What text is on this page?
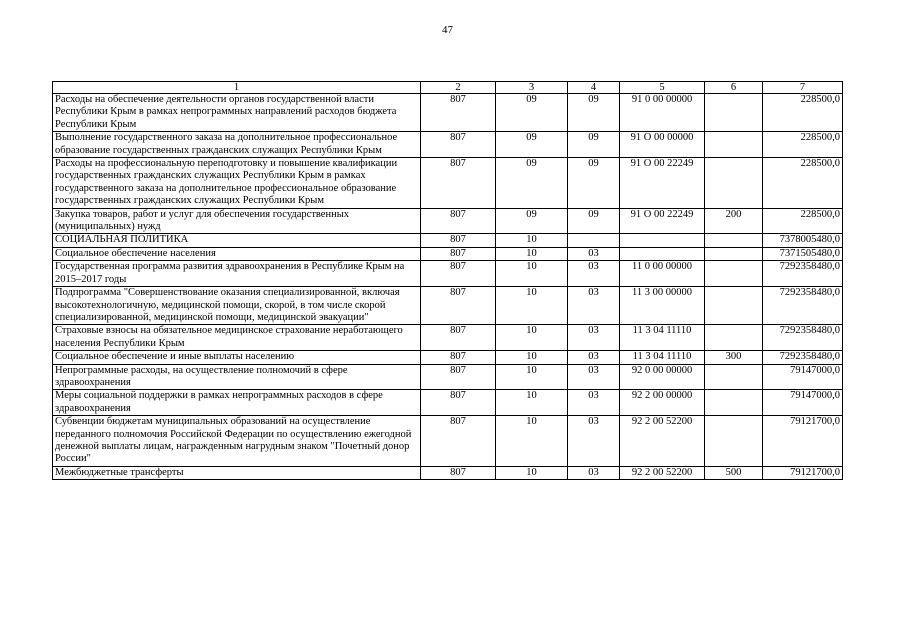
47
1	2	3	4	5	6	7
Расходы на обеспечение деятельности органов государственной власти Республики Крым в рамках непрограммных направлений расходов бюджета Республики Крым	807	09	09	91 0 00 00000		228500,0
Выполнение государственного заказа на дополнительное профессиональное образование государственных гражданских служащих Республики Крым	807	09	09	91 О 00 00000		228500,0
Расходы на профессиональную переподготовку и повышение квалификации государственных гражданских служащих Республики Крым в рамках государственного заказа на дополнительное профессиональное образование государственных гражданских служащих Республики Крым	807	09	09	91 О 00 22249		228500,0
Закупка товаров, работ и услуг для обеспечения государственных (муниципальных) нужд	807	09	09	91 О 00 22249	200	228500,0
СОЦИАЛЬНАЯ ПОЛИТИКА	807	10				7378005480,0
Социальное обеспечение населения	807	10	03			7371505480,0
Государственная программа развития здравоохранения в Республике Крым на 2015–2017 годы	807	10	03	11 0 00 00000		7292358480,0
Подпрограмма "Совершенствование оказания специализированной, включая высокотехнологичную, медицинской помощи, скорой, в том числе скорой специализированной, медицинской помощи, медицинской эвакуации"	807	10	03	11 3 00 00000		7292358480,0
Страховые взносы на обязательное медицинское страхование неработающего населения Республики Крым	807	10	03	11 3 04 11110		7292358480,0
Социальное обеспечение и иные выплаты населению	807	10	03	11 3 04 11110	300	7292358480,0
Непрограммные расходы, на осуществление полномочий в сфере здравоохранения	807	10	03	92 0 00 00000		79147000,0
Меры социальной поддержки в рамках непрограммных расходов в сфере здравоохранения	807	10	03	92 2 00 00000		79147000,0
Субвенции бюджетам муниципальных образований на осуществление переданного полномочия Российской Федерации по осуществлению ежегодной денежной выплаты лицам, награжденным нагрудным знаком "Почетный донор России"	807	10	03	92 2 00 52200		79121700,0
Межбюджетные трансферты	807	10	03	92 2 00 52200	500	79121700,0
